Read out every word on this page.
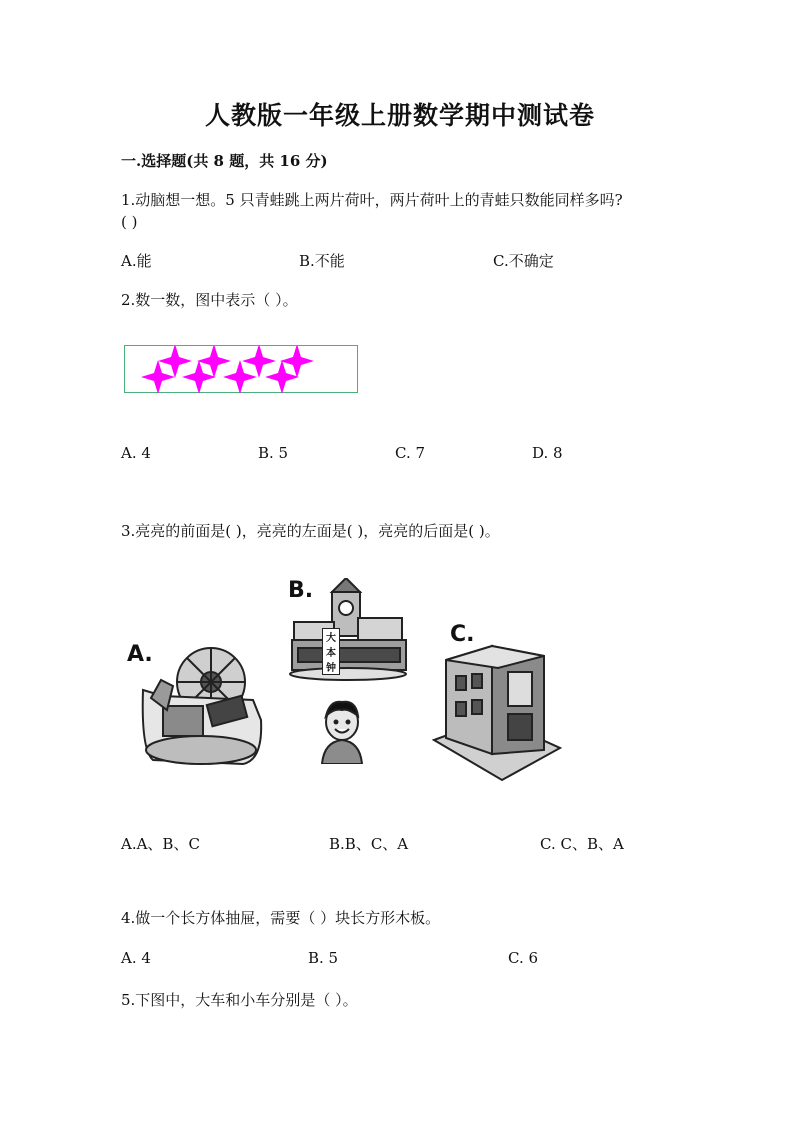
人教版一年级上册数学期中测试卷
一.选择题(共 8 题，共 16 分)
1.动脑想一想。5 只青蛙跳上两片荷叶，两片荷叶上的青蛙只数能同样多吗?
( )
A.能	B.不能	C.不确定
2.数一数，图中表示（ ）。
A. 4	B. 5	C. 7	D. 8
3.亮亮的前面是( )，亮亮的左面是( )，亮亮的后面是( )。
A.
B.
大本钟
C.
A.A、B、C	B.B、C、A	C. C、B、A
4.做一个长方体抽屉，需要（ ）块长方形木板。
A. 4	B. 5	C. 6
5.下图中，大车和小车分别是（ ）。
